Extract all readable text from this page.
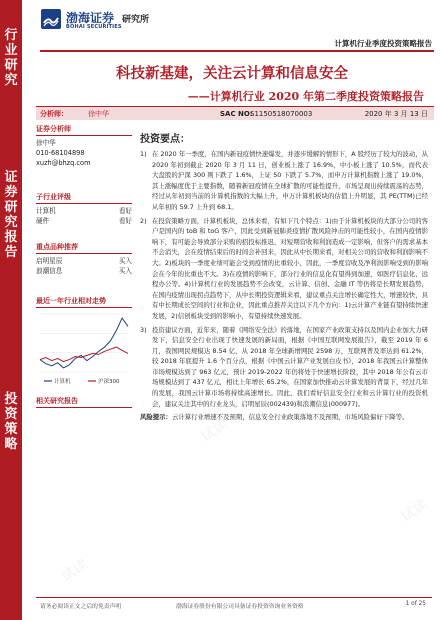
行
业
研
究
证
券
研
究
报
告
投
资
策
略
渤海证券
BOHAI SECURITIES
研究所
计算机行业季度投资策略报告
科技新基建，关注云计算和信息安全
——计算机行业 2020 年第二季度投资策略报告
分析师：	徐中华	SAC NO:
S1150518070003	2020 年 3 月 13 日
证券分析师
徐中华
010-68104898
xuzh@bhzq.com
子行业评级
计算机	看好
硬件	看好
重点品种推荐
启明星辰	买入
浪潮信息	买入
最近一年行业相对走势
计算机	沪深300
相关研究报告
投资要点：
1) 在 2020 年一季度，在国内新冠疫情快速爆发，并逐步缓解的情形下，A 股经历了较大的波动，从 2020 年初到截止 2020 年 3 月 11 日，创业板上涨了 16.9%，中小板上涨了 10.5%，而代表大盘股的沪深 300 则下跌了 1.6%，上证 50 下跌了 5.7%，而申万计算机指数上涨了 19.0%，其上涨幅度优于主要指数，随着新冠疫情在全球扩散的可能性提升，市场呈现出持续震荡的态势，经过从年初到当前的计算机指数的大幅上升，申万计算机板块的估值上升明显，其 PE(TTM)已经从年初的 59.7 上升到 68.1。
2) 在投资策略方面，计算机板块，总体来看，有如下几个特点：1)由于计算机板块的大部分公司的客户是国内的 toB 和 toG 客户，因此受到新冠肺炎疫情扩散风险冲击的可能性较小，在国内疫情影响下，有可能会导致部分采购的招投标推迟，对短期营收和利润造成一定影响，但客户的需求基本不会消失，会在疫情结束后的时间会补回来，因此从中长期来看，对相关公司的营收和利润影响不大。2)板块的一季度业绩可能会受到疫情的比重较小，因此，一季度营收及净利润影响受到的影响会在今年的比重也不大。3)在疫情的影响下，部分行业的信息化有望得到加速，如医疗信息化、远程办公等。4)计算机行业的发展趋势不会改变，云计算、信创、金融 IT 等仍将是长期发展趋势，在国内疫情出现拐点趋势下，从中长期投资逻辑来看，建议重点关注增长确定性大，增速较快，具有中长期成长空间的行业和企业，因此重点推荐关注以下几个方向：1)云计算产业链有望持续快速发展，2)信创板块受到的影响小，有望持续快速发展。
3) 投资建议方面，近年来，随着《网络安全法》的落地，在国家产业政策支持以及国内企业加大力研发下，信息安全行业出现了快速发展的新局面，根据《中国互联网发展报告》，截至 2019 年 6 月，我国网民规模达 8.54 亿，从 2018 年全球新增网民 2598 万，互联网普及率达到 61.2%，较 2018 年底提升 1.6 个百分点，根据《中国云计算产业发展白皮书》，2018 年我国云计算整体市场规模达到了 963 亿元，预计 2019-2022 年仍将处于快速增长阶段，其中 2018 年公有云市场规模达到了 437 亿元，相比上年增长 65.2%，在国家加快推动云计算发展的背景下，经过几年的发展，我国云计算市场将持续高速增长。因此，我们看好信息安全行业和云计算行业的投资机会，建议关注其中的行业龙头，启明星辰(002439)和浪潮信息(000977)。
风险提示：云计算行业增速不及预期，信息安全行业政策落地不及预期，市场风险偏好下降等。
请务必阅读正文之后的免责声明	渤海证券股份有限公司具备证券投资咨询业务资格	1 of 25
试读
试读
试读
试读
试读
试读
